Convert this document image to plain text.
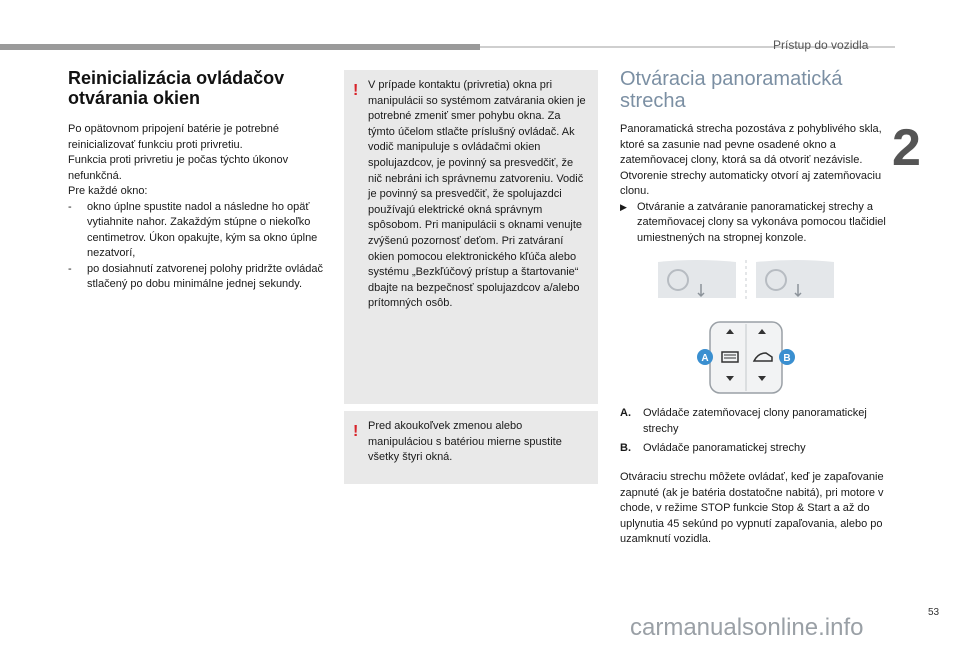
Prístup do vozidla
2
Reinicializácia ovládačov otvárania okien

Po opätovnom pripojení batérie je potrebné reinicializovať funkciu proti privretiu.

Funkcia proti privretiu je počas týchto úkonov nefunkčná.

Pre každé okno:

-	okno úplne spustite nadol a následne ho opäť vytiahnite nahor. Zakaždým stúpne o niekoľko centimetrov. Úkon opakujte, kým sa okno úplne nezatvorí,
-	po dosiahnutí zatvorenej polohy pridržte ovládač stlačený po dobu minimálne jednej sekundy.
! V prípade kontaktu (privretia) okna pri manipulácii so systémom zatvárania okien je potrebné zmeniť smer pohybu okna. Za týmto účelom stlačte príslušný ovládač. Ak vodič manipuluje s ovládačmi okien spolujazdcov, je povinný sa presvedčiť, že nič nebráni ich správnemu zatvoreniu. Vodič je povinný sa presvedčiť, že spolujazdci používajú elektrické okná správnym spôsobom. Pri manipulácii s oknami venujte zvýšenú pozornosť deťom. Pri zatváraní okien pomocou elektronického kľúča alebo systému „Bezkľúčový prístup a štartovanie“ dbajte na bezpečnosť spolujazdcov a/alebo prítomných osôb.
! Pred akoukoľvek zmenou alebo manipuláciou s batériou mierne spustite všetky štyri okná.
Otváracia panoramatická strecha

Panoramatická strecha pozostáva z pohyblivého skla, ktoré sa zasunie nad pevne osadené okno a zatemňovacej clony, ktorá sa dá otvoriť nezávisle. Otvorenie strechy automaticky otvorí aj zatemňovaciu clonu.

▶ Otváranie a zatváranie panoramatickej strechy a zatemňovacej clony sa vykonáva pomocou tlačidiel umiestnených na stropnej konzole.
A	B
A.	Ovládače zatemňovacej clony panoramatickej strechy
B.	Ovládače panoramatickej strechy

Otváraciu strechu môžete ovládať, keď je zapaľovanie zapnuté (ak je batéria dostatočne nabitá), pri motore v chode, v režime STOP funkcie Stop & Start a až do uplynutia 45 sekúnd po vypnutí zapaľovania, alebo po uzamknutí vozidla.

53
carmanualsonline.info
